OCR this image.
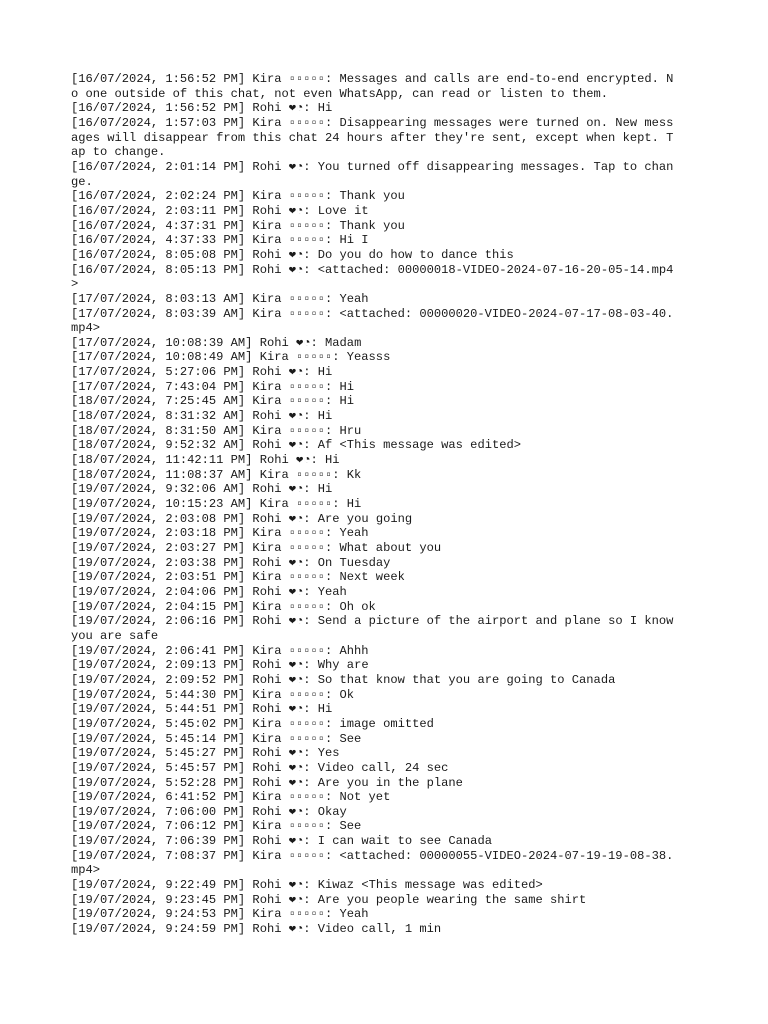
[16/07/2024, 1:56:52 PM] Kira ▫▫▫▫▫: Messages and calls are end-to-end encrypted. No one outside of this chat, not even WhatsApp, can read or listen to them.
[16/07/2024, 1:56:52 PM] Rohi ❤︎◔: Hi
[16/07/2024, 1:57:03 PM] Kira ▫▫▫▫▫: Disappearing messages were turned on. New messages will disappear from this chat 24 hours after they're sent, except when kept. Tap to change.
[16/07/2024, 2:01:14 PM] Rohi ❤︎◔: You turned off disappearing messages. Tap to change.
[16/07/2024, 2:02:24 PM] Kira ▫▫▫▫▫: Thank you
[16/07/2024, 2:03:11 PM] Rohi ❤︎◔: Love it
[16/07/2024, 4:37:31 PM] Kira ▫▫▫▫▫: Thank you
[16/07/2024, 4:37:33 PM] Kira ▫▫▫▫▫: Hi I
[16/07/2024, 8:05:08 PM] Rohi ❤︎◔: Do you do how to dance this
[16/07/2024, 8:05:13 PM] Rohi ❤︎◔: <attached: 00000018-VIDEO-2024-07-16-20-05-14.mp4>
[17/07/2024, 8:03:13 AM] Kira ▫▫▫▫▫: Yeah
[17/07/2024, 8:03:39 AM] Kira ▫▫▫▫▫: <attached: 00000020-VIDEO-2024-07-17-08-03-40.mp4>
[17/07/2024, 10:08:39 AM] Rohi ❤︎◔: Madam
[17/07/2024, 10:08:49 AM] Kira ▫▫▫▫▫: Yeasss
[17/07/2024, 5:27:06 PM] Rohi ❤︎◔: Hi
[17/07/2024, 7:43:04 PM] Kira ▫▫▫▫▫: Hi
[18/07/2024, 7:25:45 AM] Kira ▫▫▫▫▫: Hi
[18/07/2024, 8:31:32 AM] Rohi ❤︎◔: Hi
[18/07/2024, 8:31:50 AM] Kira ▫▫▫▫▫: Hru
[18/07/2024, 9:52:32 AM] Rohi ❤︎◔: Af <This message was edited>
[18/07/2024, 11:42:11 PM] Rohi ❤︎◔: Hi
[18/07/2024, 11:08:37 AM] Kira ▫▫▫▫▫: Kk
[19/07/2024, 9:32:06 AM] Rohi ❤︎◔: Hi
[19/07/2024, 10:15:23 AM] Kira ▫▫▫▫▫: Hi
[19/07/2024, 2:03:08 PM] Rohi ❤︎◔: Are you going
[19/07/2024, 2:03:18 PM] Kira ▫▫▫▫▫: Yeah
[19/07/2024, 2:03:27 PM] Kira ▫▫▫▫▫: What about you
[19/07/2024, 2:03:38 PM] Rohi ❤︎◔: On Tuesday
[19/07/2024, 2:03:51 PM] Kira ▫▫▫▫▫: Next week
[19/07/2024, 2:04:06 PM] Rohi ❤︎◔: Yeah
[19/07/2024, 2:04:15 PM] Kira ▫▫▫▫▫: Oh ok
[19/07/2024, 2:06:16 PM] Rohi ❤︎◔: Send a picture of the airport and plane so I know you are safe
[19/07/2024, 2:06:41 PM] Kira ▫▫▫▫▫: Ahhh
[19/07/2024, 2:09:13 PM] Rohi ❤︎◔: Why are
[19/07/2024, 2:09:52 PM] Rohi ❤︎◔: So that know that you are going to Canada
[19/07/2024, 5:44:30 PM] Kira ▫▫▫▫▫: Ok
[19/07/2024, 5:44:51 PM] Rohi ❤︎◔: Hi
[19/07/2024, 5:45:02 PM] Kira ▫▫▫▫▫: image omitted
[19/07/2024, 5:45:14 PM] Kira ▫▫▫▫▫: See
[19/07/2024, 5:45:27 PM] Rohi ❤︎◔: Yes
[19/07/2024, 5:45:57 PM] Rohi ❤︎◔: Video call, 24 sec
[19/07/2024, 5:52:28 PM] Rohi ❤︎◔: Are you in the plane
[19/07/2024, 6:41:52 PM] Kira ▫▫▫▫▫: Not yet
[19/07/2024, 7:06:00 PM] Rohi ❤︎◔: Okay
[19/07/2024, 7:06:12 PM] Kira ▫▫▫▫▫: See
[19/07/2024, 7:06:39 PM] Rohi ❤︎◔: I can wait to see Canada
[19/07/2024, 7:08:37 PM] Kira ▫▫▫▫▫: <attached: 00000055-VIDEO-2024-07-19-19-08-38.mp4>
[19/07/2024, 9:22:49 PM] Rohi ❤︎◔: Kiwaz <This message was edited>
[19/07/2024, 9:23:45 PM] Rohi ❤︎◔: Are you people wearing the same shirt
[19/07/2024, 9:24:53 PM] Kira ▫▫▫▫▫: Yeah
[19/07/2024, 9:24:59 PM] Rohi ❤︎◔: Video call, 1 min
